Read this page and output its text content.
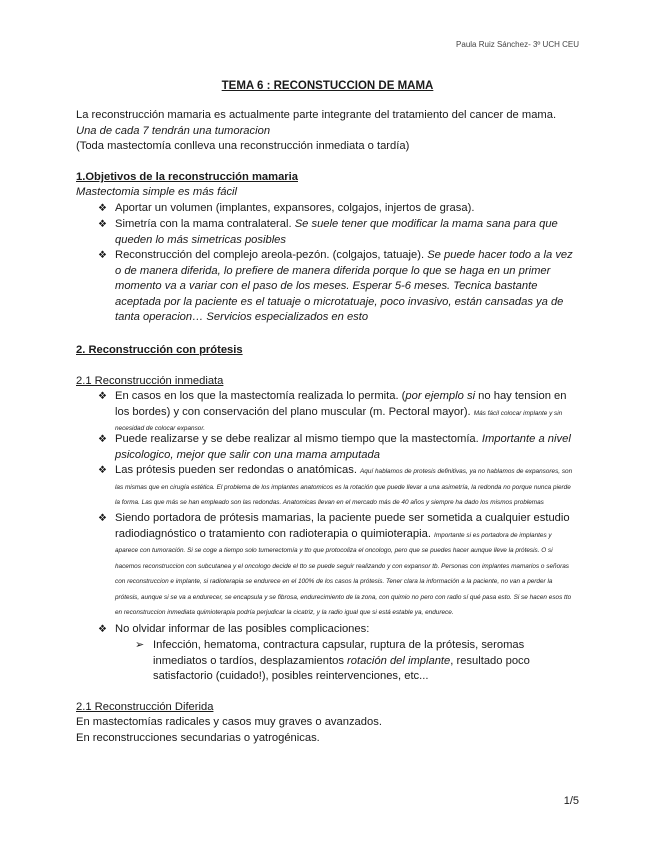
Paula Ruiz Sánchez- 3º UCH CEU
TEMA 6 : RECONSTUCCION DE MAMA
La reconstrucción mamaria es actualmente parte integrante del tratamiento del cancer de mama. Una de cada 7 tendrán una tumoracion
(Toda mastectomía conlleva una reconstrucción inmediata o tardía)
1.Objetivos de la reconstrucción mamaria
Mastectomia simple es más fácil
❖ Aportar un volumen (implantes, expansores, colgajos, injertos de grasa).
❖ Simetría con la mama contralateral. Se suele tener que modificar la mama sana para que queden lo más simetricas posibles
❖ Reconstrucción del complejo areola-pezón. (colgajos, tatuaje). Se puede hacer todo a la vez o de manera diferida, lo prefiere de manera diferida porque lo que se haga en un primer momento va a variar con el paso de los meses. Esperar 5-6 meses. Tecnica bastante aceptada por la paciente es el tatuaje o microtatuaje, poco invasivo, están cansadas ya de tanta operacion… Servicios especializados en esto
2. Reconstrucción con prótesis
2.1 Reconstrucción inmediata
❖ En casos en los que la mastectomía realizada lo permita. (por ejemplo si no hay tension en los bordes) y con conservación del plano muscular (m. Pectoral mayor). Más fácil colocar implante y sin necesidad de colocar expansor.
❖ Puede realizarse y se debe realizar al mismo tiempo que la mastectomía. Importante a nivel psicologico, mejor que salir con una mama amputada
❖ Las prótesis pueden ser redondas o anatómicas. Aquí hablamos de protesis definitivas, ya no hablamos de expansores, son las mismas que en cirugía estética. El problema de los implantes anatomicos es la rotación que puede llevar a una asimetría, la redonda no porque nunca pierde la forma. Las que más se han empleado son las redondas. Anatomicas llevan en el mercado más de 40 años y siempre ha dado los mismos problemas
❖ Siendo portadora de prótesis mamarias, la paciente puede ser sometida a cualquier estudio radiodiagnóstico o tratamiento con radioterapia o quimioterapia. Importante si es portadora de implantes y aparece con tumoración. Si se coge a tiempo solo tumerectomía y tto que protocoliza el oncologo, pero que se puedes hacer aunque lleve la prótesis. O si hacemos reconstruccion con subcutanea y el oncologo decide el tto se puede seguir realizando y con expansor tb. Personas con implantes mamarios o señoras con reconstruccion e implante, si radioterapia se endurece en el 100% de los casos la prótesis. Tener clara la información a la paciente, no van a perder la prótesis, aunque si se va a endurecer, se encapsula y se fibrosa, endurecimiento de la zona, con quimio no pero con radio sí qué pasa esto. Si se hacen esos tto en reconstruccion inmediata quimioterapia podría perjudicar la cicatriz, y la radio igual que si está estable ya, endurece.
❖ No olvidar informar de las posibles complicaciones:
➢ Infección, hematoma, contractura capsular, ruptura de la prótesis, seromas inmediatos o tardíos, desplazamientos rotación del implante, resultado poco satisfactorio (cuidado!), posibles reintervenciones, etc...
2.1 Reconstrucción Diferida
En mastectomías radicales y casos muy graves o avanzados.
En reconstrucciones secundarias o yatrogénicas.
1/5
